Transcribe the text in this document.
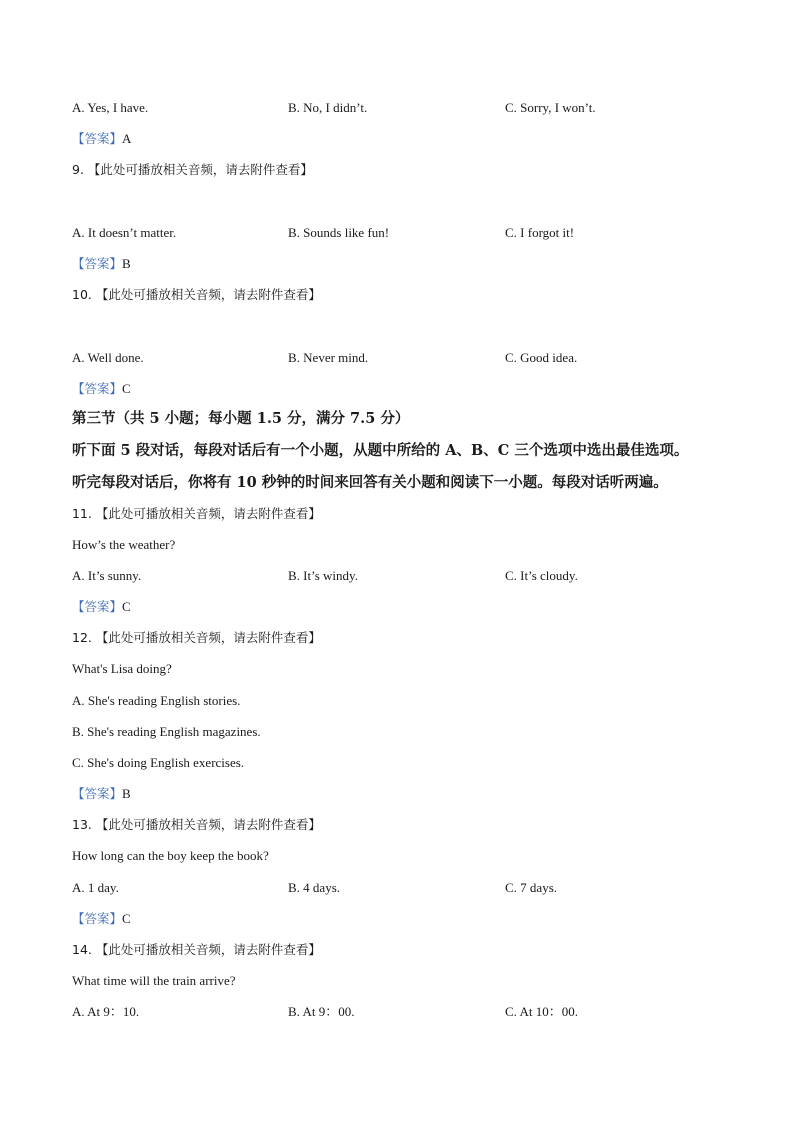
A. Yes, I have.	B. No, I didn’t.	C. Sorry, I won’t.
【答案】A
9. 【此处可播放相关音频，请去附件查看】
A. It doesn’t matter.	B. Sounds like fun!	C. I forgot it!
【答案】B
10. 【此处可播放相关音频，请去附件查看】
A. Well done.	B. Never mind.	C. Good idea.
【答案】C
第三节（共 5 小题；每小题 1.5 分，满分 7.5 分）
听下面 5 段对话，每段对话后有一个小题，从题中所给的 A、B、C 三个选项中选出最佳选项。
听完每段对话后，你将有 10 秒钟的时间来回答有关小题和阅读下一小题。每段对话听两遍。
11. 【此处可播放相关音频，请去附件查看】
How’s the weather?
A. It’s sunny.	B. It’s windy.	C. It’s cloudy.
【答案】C
12. 【此处可播放相关音频，请去附件查看】
What's Lisa doing?
A. She's reading English stories.
B. She's reading English magazines.
C. She's doing English exercises.
【答案】B
13. 【此处可播放相关音频，请去附件查看】
How long can the boy keep the book?
A. 1 day.	B. 4 days.	C. 7 days.
【答案】C
14. 【此处可播放相关音频，请去附件查看】
What time will the train arrive?
A. At 9：10.	B. At 9：00.	C. At 10：00.
